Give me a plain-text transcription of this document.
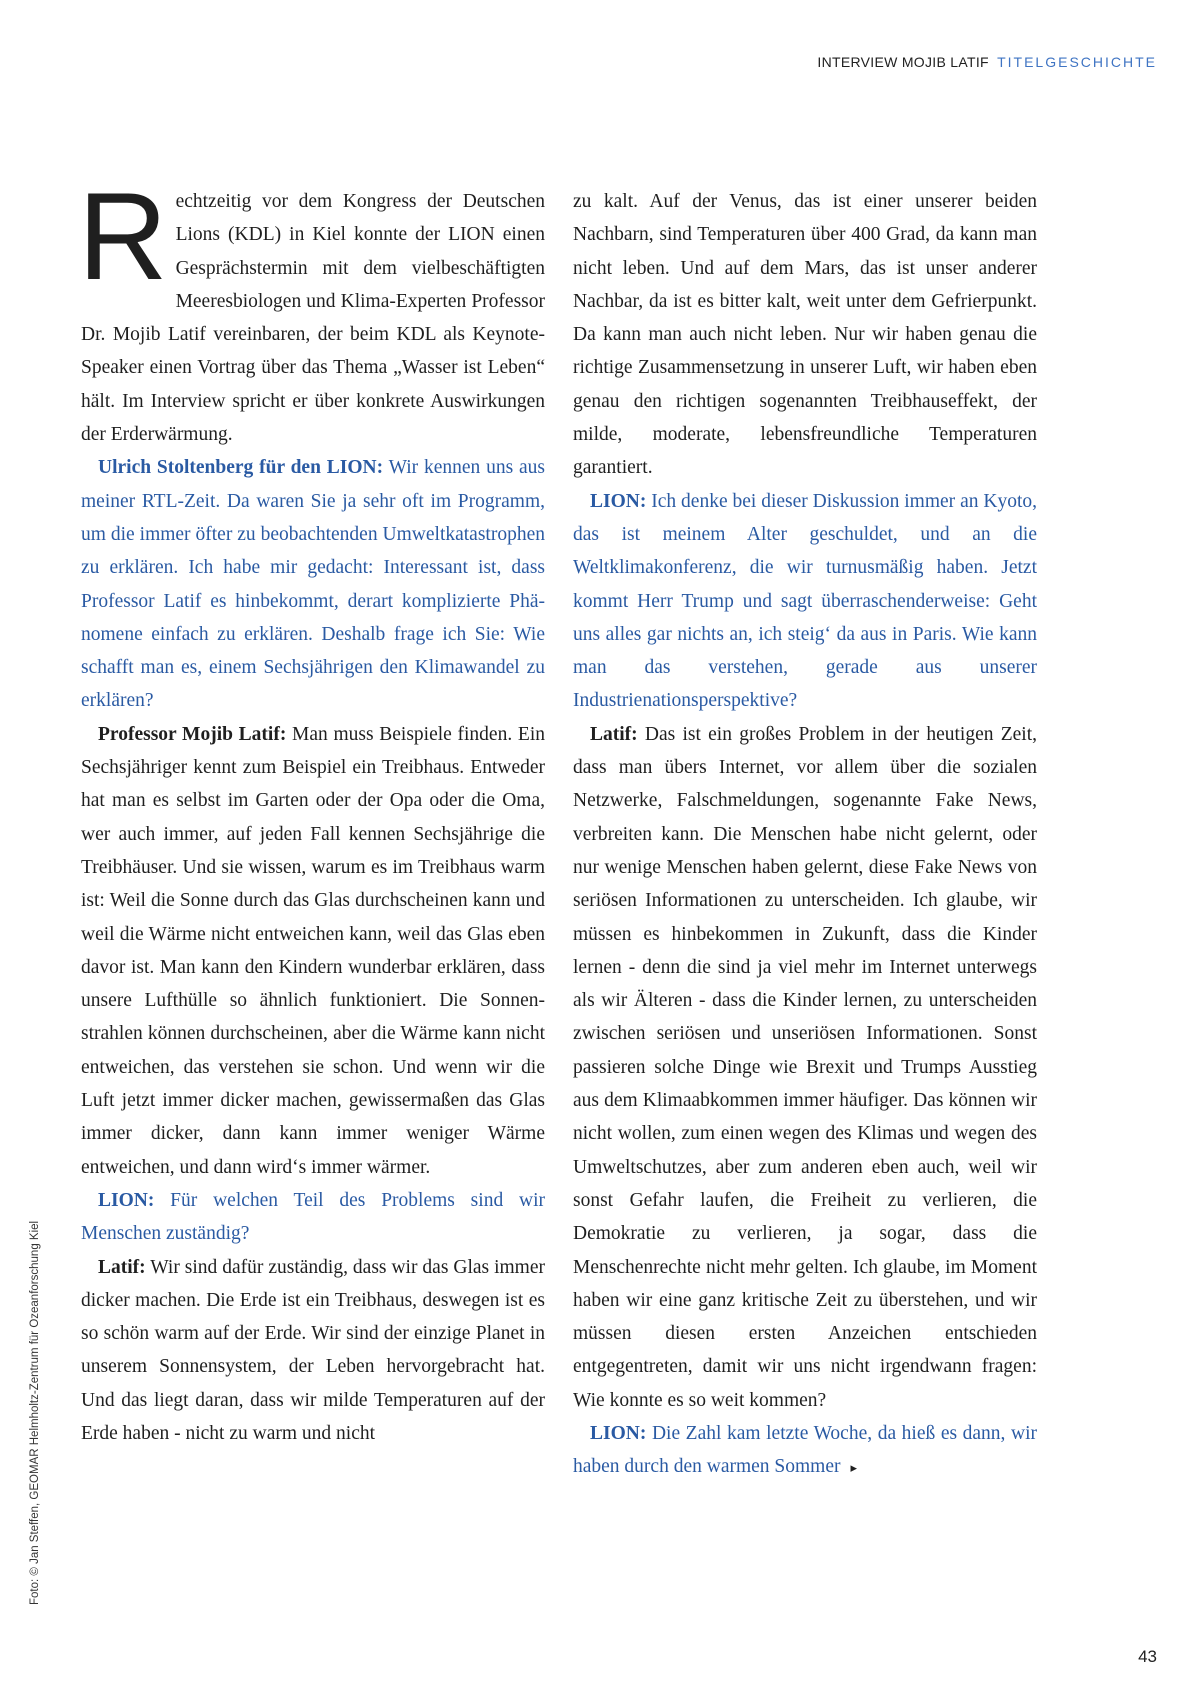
INTERVIEW MOJIB LATIF TITELGESCHICHTE

Rechtzeitig vor dem Kongress der Deutschen Lions (KDL) in Kiel konnte der LION einen Gesprächstermin mit dem vielbeschäftigten Meeresbiologen und Klima-Experten Professor Dr. Mojib Latif vereinbaren, der beim KDL als Keynote-Speaker einen Vortrag über das Thema „Wasser ist Leben“ hält. Im Interview spricht er über konkrete Auswirkungen der Erderwärmung.

Ulrich Stoltenberg für den LION: Wir kennen uns aus meiner RTL-Zeit. Da waren Sie ja sehr oft im Programm, um die immer öfter zu beobachtenden Umweltkatastrophen zu erklären. Ich habe mir gedacht: Interessant ist, dass Professor Latif es hinbekommt, derart komplizierte Phänomene einfach zu erklären. Deshalb frage ich Sie: Wie schafft man es, einem Sechsjährigen den Klimawandel zu erklären?

Professor Mojib Latif: Man muss Beispiele finden. Ein Sechsjähriger kennt zum Beispiel ein Treibhaus. Entweder hat man es selbst im Garten oder der Opa oder die Oma, wer auch immer, auf jeden Fall kennen Sechsjährige die Treibhäuser. Und sie wissen, warum es im Treibhaus warm ist: Weil die Sonne durch das Glas durchscheinen kann und weil die Wärme nicht entweichen kann, weil das Glas eben davor ist. Man kann den Kindern wunderbar erklären, dass unsere Lufthülle so ähnlich funktioniert. Die Sonnenstrahlen können durchscheinen, aber die Wärme kann nicht entweichen, das verstehen sie schon. Und wenn wir die Luft jetzt immer dicker machen, gewissermaßen das Glas immer dicker, dann kann immer weniger Wärme entweichen, und dann wird‘s immer wärmer.

LION: Für welchen Teil des Problems sind wir Menschen zuständig?

Latif: Wir sind dafür zuständig, dass wir das Glas immer dicker machen. Die Erde ist ein Treibhaus, deswegen ist es so schön warm auf der Erde. Wir sind der einzige Planet in unserem Sonnensystem, der Leben hervorgebracht hat. Und das liegt daran, dass wir milde Temperaturen auf der Erde haben - nicht zu warm und nicht

zu kalt. Auf der Venus, das ist einer unserer beiden Nachbarn, sind Temperaturen über 400 Grad, da kann man nicht leben. Und auf dem Mars, das ist unser anderer Nachbar, da ist es bitter kalt, weit unter dem Gefrierpunkt. Da kann man auch nicht leben. Nur wir haben genau die richtige Zusammensetzung in unserer Luft, wir haben eben genau den richtigen sogenannten Treibhauseffekt, der milde, moderate, lebensfreundliche Temperaturen garantiert.

LION: Ich denke bei dieser Diskussion immer an Kyoto, das ist meinem Alter geschuldet, und an die Weltklimakonferenz, die wir turnusmäßig haben. Jetzt kommt Herr Trump und sagt überraschenderweise: Geht uns alles gar nichts an, ich steig‘ da aus in Paris. Wie kann man das verstehen, gerade aus unserer Industrienationsperspektive?

Latif: Das ist ein großes Problem in der heutigen Zeit, dass man übers Internet, vor allem über die sozialen Netzwerke, Falschmeldungen, sogenannte Fake News, verbreiten kann. Die Menschen habe nicht gelernt, oder nur wenige Menschen haben gelernt, diese Fake News von seriösen Informationen zu unterscheiden. Ich glaube, wir müssen es hinbekommen in Zukunft, dass die Kinder lernen - denn die sind ja viel mehr im Internet unterwegs als wir Älteren - dass die Kinder lernen, zu unterscheiden zwischen seriösen und unseriösen Informationen. Sonst passieren solche Dinge wie Brexit und Trumps Ausstieg aus dem Klimaabkommen immer häufiger. Das können wir nicht wollen, zum einen wegen des Klimas und wegen des Umweltschutzes, aber zum anderen eben auch, weil wir sonst Gefahr laufen, die Freiheit zu verlieren, die Demokratie zu verlieren, ja sogar, dass die Menschenrechte nicht mehr gelten. Ich glaube, im Moment haben wir eine ganz kritische Zeit zu überstehen, und wir müssen diesen ersten Anzeichen entschieden entgegentreten, damit wir uns nicht irgendwann fragen: Wie konnte es so weit kommen?

LION: Die Zahl kam letzte Woche, da hieß es dann, wir haben durch den warmen Sommer ▸

Foto: © Jan Steffen, GEOMAR Helmholtz-Zentrum für Ozeanforschung Kiel
43
